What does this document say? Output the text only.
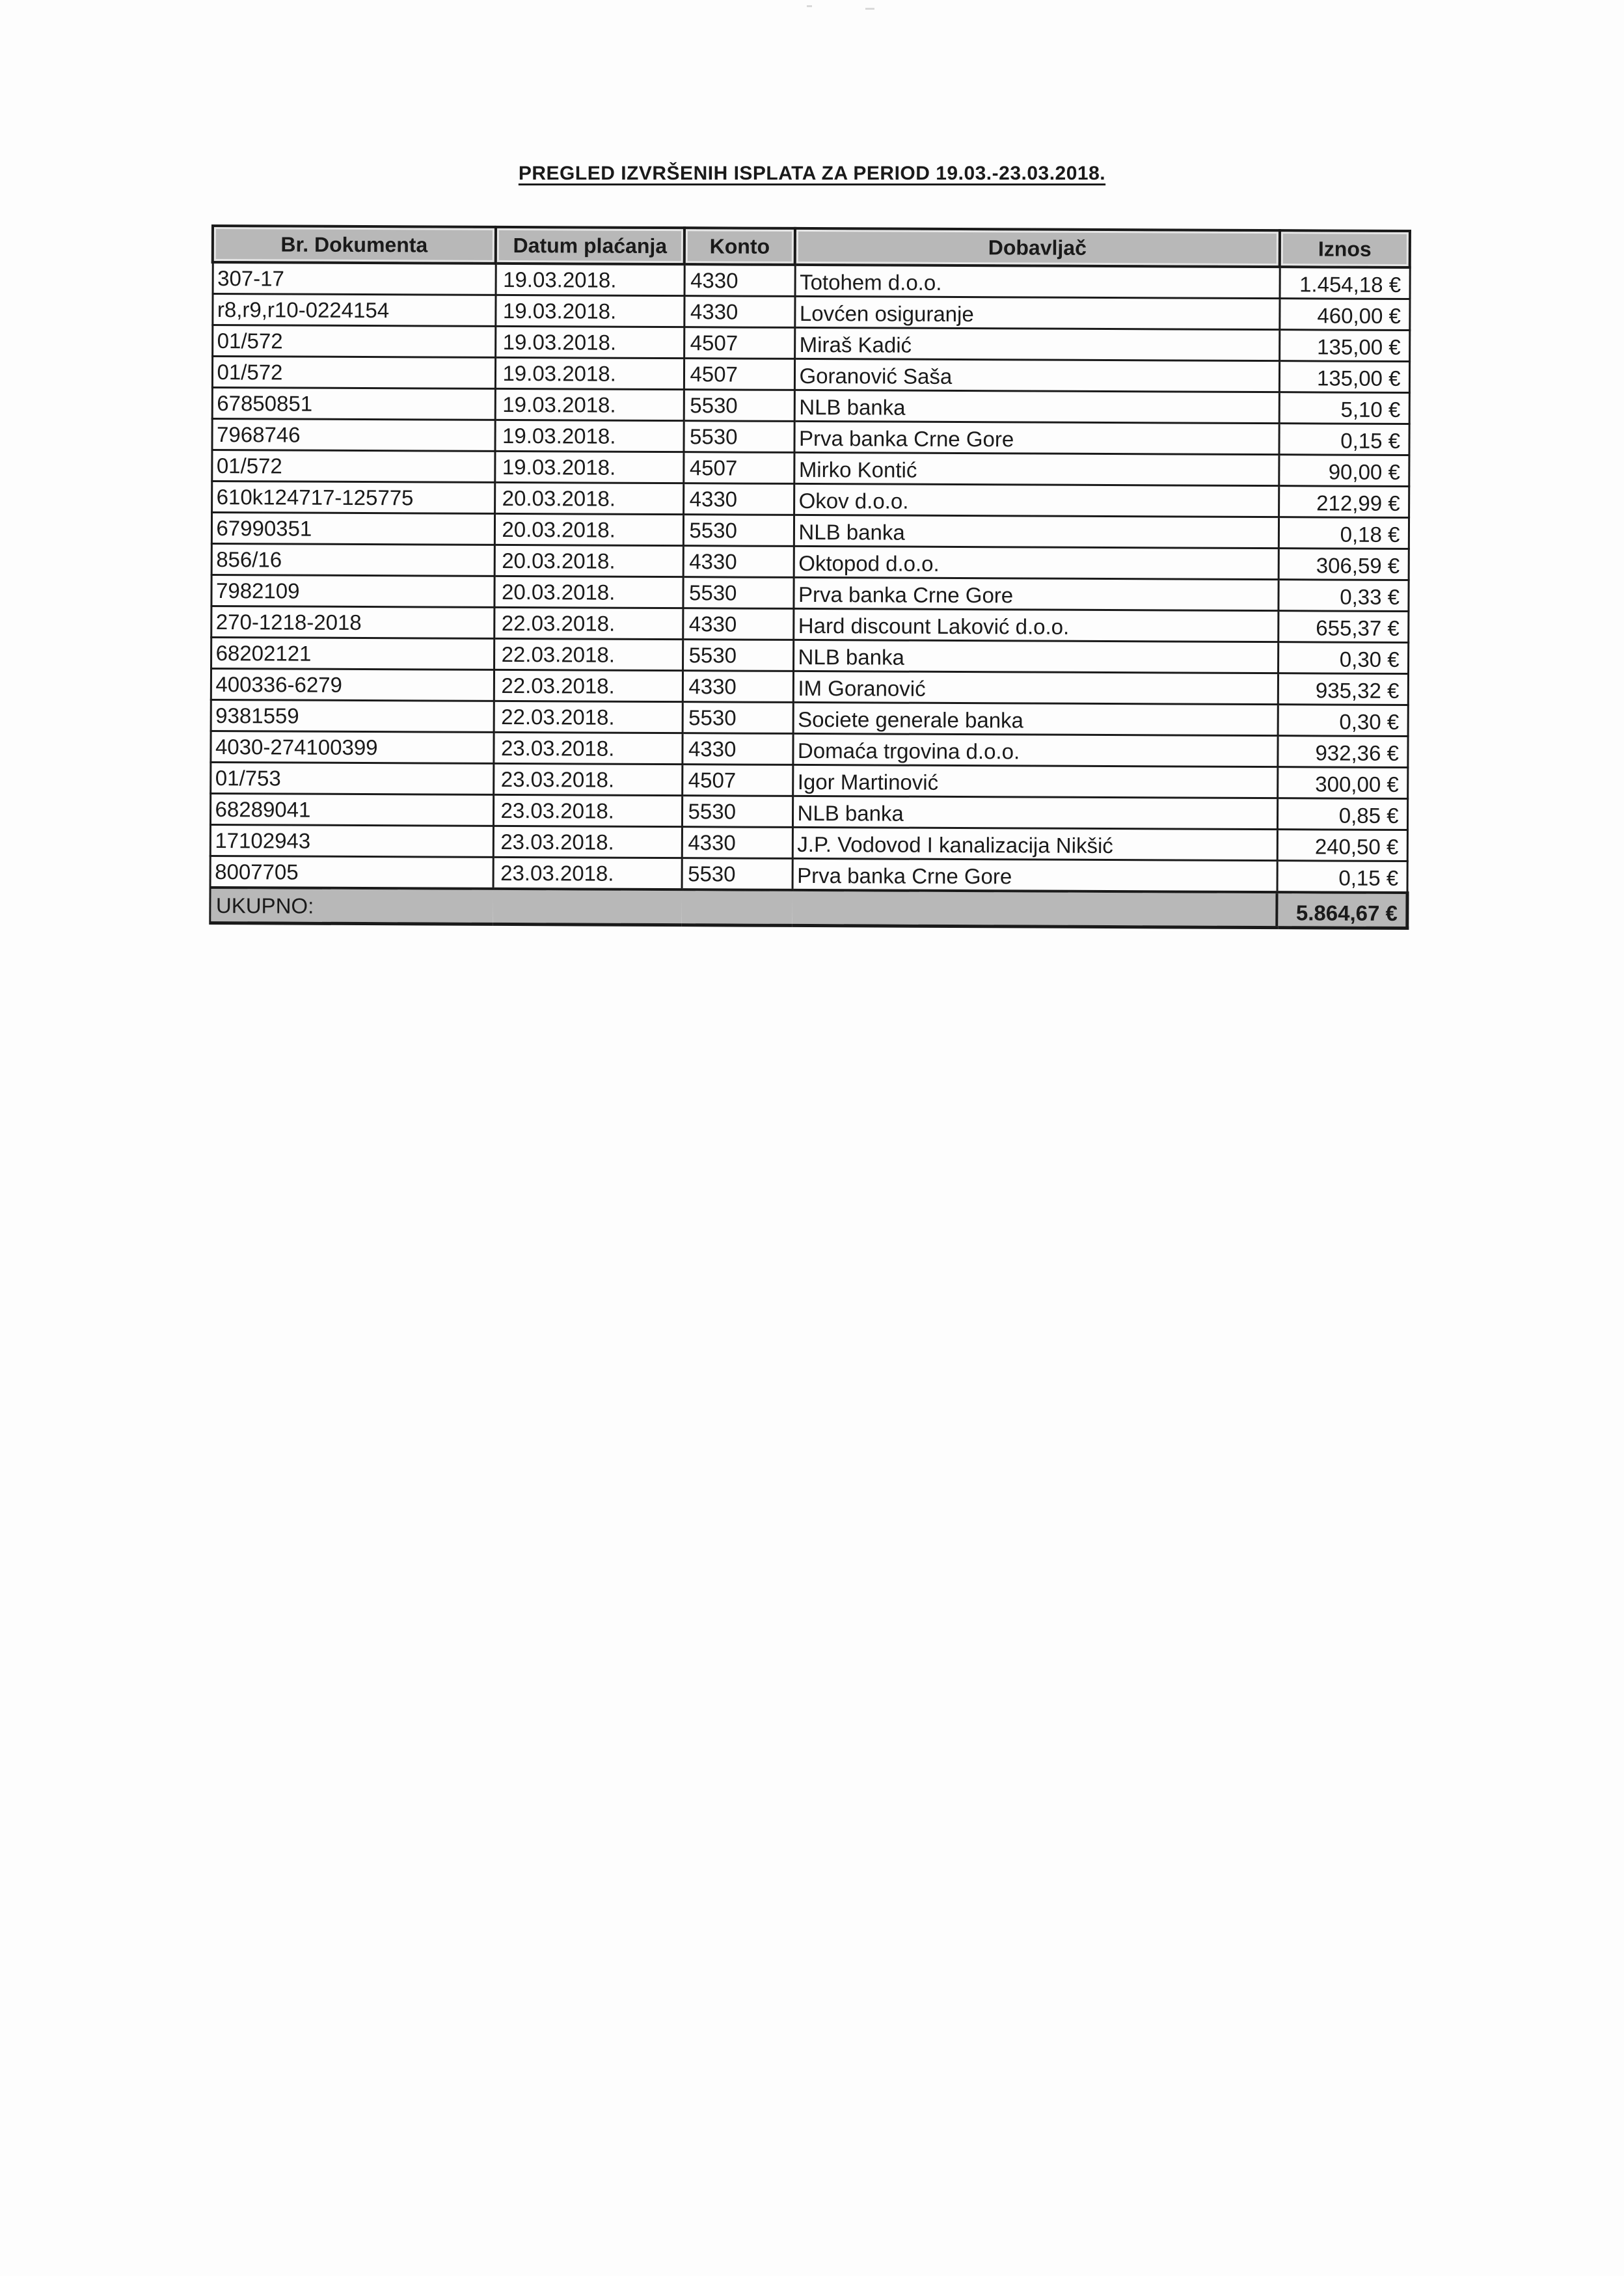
PREGLED IZVRŠENIH ISPLATA ZA PERIOD 19.03.-23.03.2018.
Br. Dokumenta	Datum plaćanja	Konto	Dobavljač	Iznos
307-17	19.03.2018.	4330	Totohem d.o.o.	1.454,18 €
r8,r9,r10-0224154	19.03.2018.	4330	Lovćen osiguranje	460,00 €
01/572	19.03.2018.	4507	Miraš Kadić	135,00 €
01/572	19.03.2018.	4507	Goranović Saša	135,00 €
67850851	19.03.2018.	5530	NLB banka	5,10 €
7968746	19.03.2018.	5530	Prva banka Crne Gore	0,15 €
01/572	19.03.2018.	4507	Mirko Kontić	90,00 €
610k124717-125775	20.03.2018.	4330	Okov d.o.o.	212,99 €
67990351	20.03.2018.	5530	NLB banka	0,18 €
856/16	20.03.2018.	4330	Oktopod d.o.o.	306,59 €
7982109	20.03.2018.	5530	Prva banka Crne Gore	0,33 €
270-1218-2018	22.03.2018.	4330	Hard discount Laković d.o.o.	655,37 €
68202121	22.03.2018.	5530	NLB banka	0,30 €
400336-6279	22.03.2018.	4330	IM Goranović	935,32 €
9381559	22.03.2018.	5530	Societe generale banka	0,30 €
4030-274100399	23.03.2018.	4330	Domaća trgovina d.o.o.	932,36 €
01/753	23.03.2018.	4507	Igor Martinović	300,00 €
68289041	23.03.2018.	5530	NLB banka	0,85 €
17102943	23.03.2018.	4330	J.P. Vodovod I kanalizacija Nikšić	240,50 €
8007705	23.03.2018.	5530	Prva banka Crne Gore	0,15 €
UKUPNO:				5.864,67 €
